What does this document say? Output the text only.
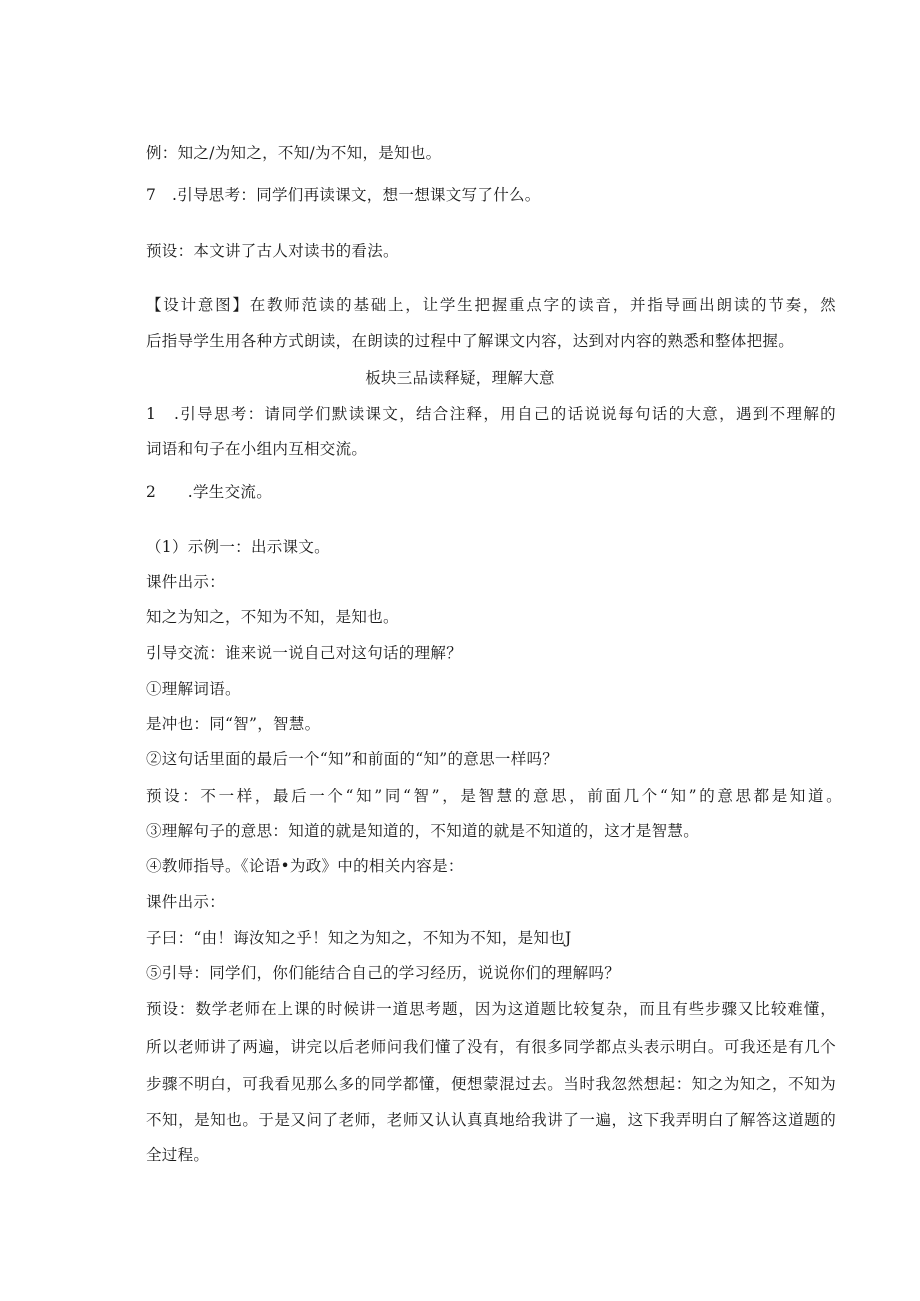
例：知之/为知之，不知/为不知，是知也。
7　.引导思考：同学们再读课文，想一想课文写了什么。
预设：本文讲了古人对读书的看法。
【设计意图】在教师范读的基础上，让学生把握重点字的读音，并指导画出朗读的节奏，然
后指导学生用各种方式朗读，在朗读的过程中了解课文内容，达到对内容的熟悉和整体把握。
板块三品读释疑，理解大意
1　.引导思考：请同学们默读课文，结合注释，用自己的话说说每句话的大意，遇到不理解的
词语和句子在小组内互相交流。
2　　.学生交流。
（1）示例一：出示课文。
课件出示：
知之为知之，不知为不知，是知也。
引导交流：谁来说一说自己对这句话的理解？
①理解词语。
是冲也：同“智”，智慧。
②这句话里面的最后一个“知”和前面的“知”的意思一样吗？
预设：不一样，最后一个“知”同“智”，是智慧的意思，前面几个“知”的意思都是知道。
③理解句子的意思：知道的就是知道的，不知道的就是不知道的，这才是智慧。
④教师指导。《论语•为政》中的相关内容是：
课件出示：
子曰：“由！诲汝知之乎！知之为知之，不知为不知，是知也J
⑤引导：同学们，你们能结合自己的学习经历，说说你们的理解吗？
预设：数学老师在上课的时候讲一道思考题，因为这道题比较复杂，而且有些步骤又比较难懂，
所以老师讲了两遍，讲完以后老师问我们懂了没有，有很多同学都点头表示明白。可我还是有几个
步骤不明白，可我看见那么多的同学都懂，便想蒙混过去。当时我忽然想起：知之为知之，不知为
不知，是知也。于是又问了老师，老师又认认真真地给我讲了一遍，这下我弄明白了解答这道题的
全过程。
